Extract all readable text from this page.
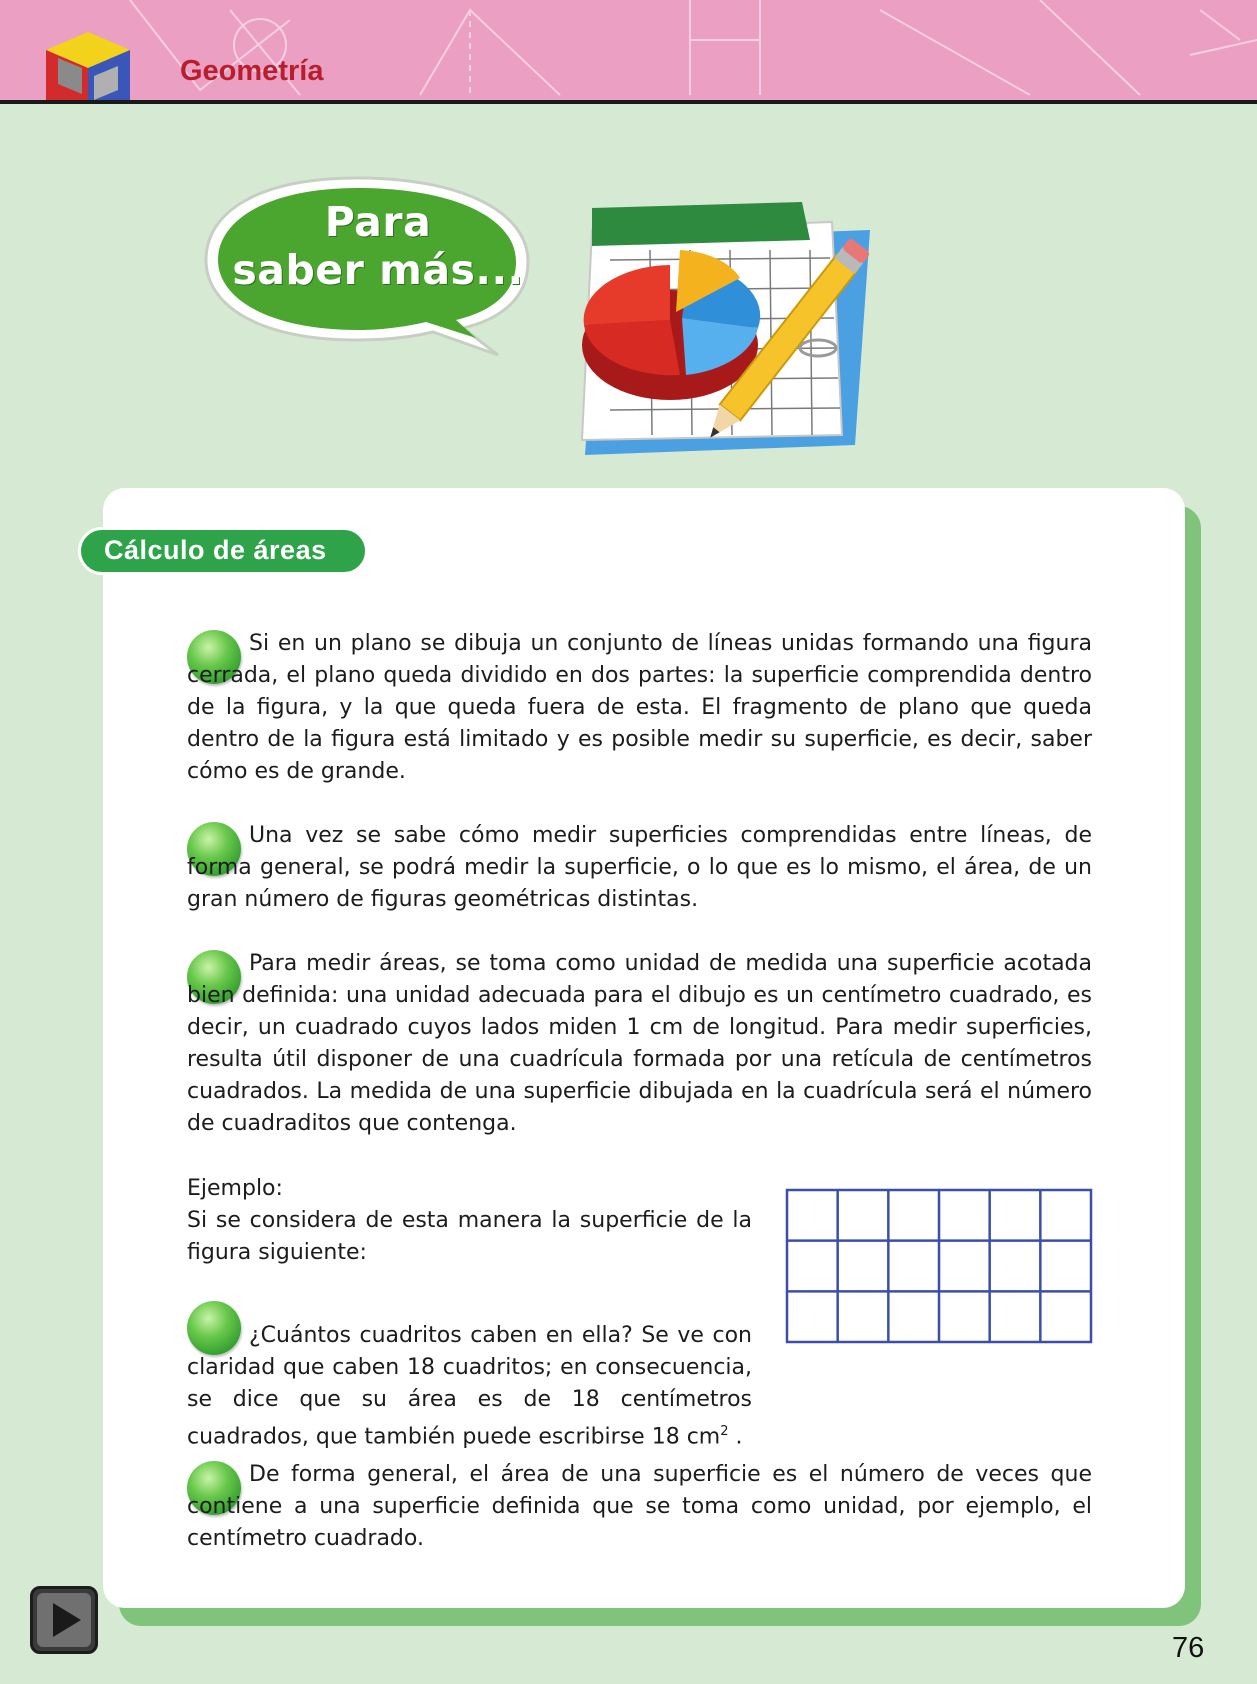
Geometría
Para
saber más...
Cálculo de áreas

Si en un plano se dibuja un conjunto de líneas unidas formando una figura cerrada, el plano queda dividido en dos partes: la superficie comprendida dentro de la figura, y la que queda fuera de esta. El fragmento de plano que queda dentro de la figura está limitado y es posible medir su superficie, es decir, saber cómo es de grande.

Una vez se sabe cómo medir superficies comprendidas entre líneas, de forma general, se podrá medir la superficie, o lo que es lo mismo, el área, de un gran número de figuras geométricas distintas.

Para medir áreas, se toma como unidad de medida una superficie acotada bien definida: una unidad adecuada para el dibujo es un centímetro cuadrado, es decir, un cuadrado cuyos lados miden 1 cm de longitud. Para medir superficies, resulta útil disponer de una cuadrícula formada por una retícula de centímetros cuadrados. La medida de una superficie dibujada en la cuadrícula será el número de cuadraditos que contenga.

Ejemplo:
Si se considera de esta manera la superficie de la figura siguiente:

¿Cuántos cuadritos caben en ella? Se ve con claridad que caben 18 cuadritos; en consecuencia, se dice que su área es de 18 centímetros cuadrados, que también puede escribirse 18 $cm^2$ .

De forma general, el área de una superficie es el número de veces que contiene a una superficie definida que se toma como unidad, por ejemplo, el centímetro cuadrado.

76
